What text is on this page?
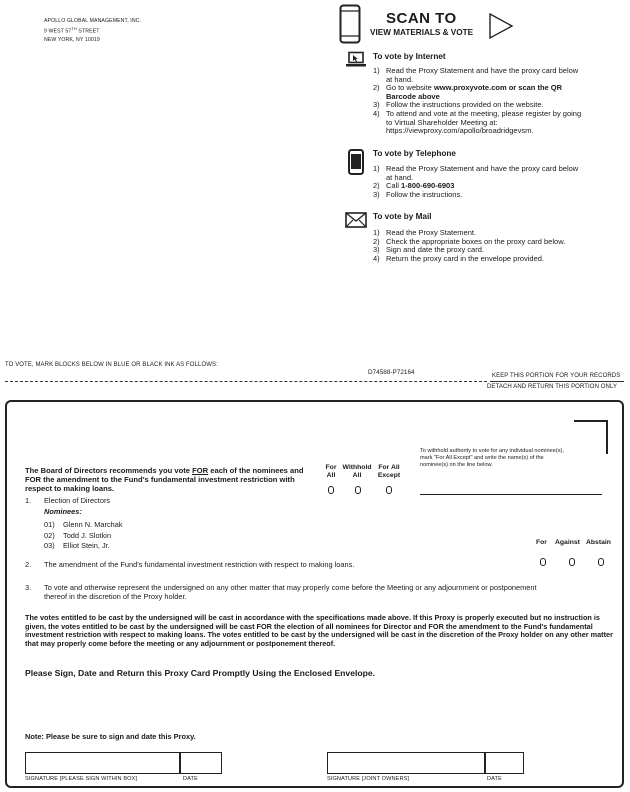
APOLLO GLOBAL MANAGEMENT, INC.
9 WEST 57TH STREET
NEW YORK, NY 10019
SCAN TO
VIEW MATERIALS & VOTE
To vote by Internet
1) Read the Proxy Statement and have the proxy card below at hand.
2) Go to website www.proxyvote.com or scan the QR Barcode above
3) Follow the instructions provided on the website.
4) To attend and vote at the meeting, please register by going to Virtual Shareholder Meeting at: https://viewproxy.com/apollo/broadridgevsm.
To vote by Telephone
1) Read the Proxy Statement and have the proxy card below at hand.
2) Call 1-800-690-6903
3) Follow the instructions.
To vote by Mail
1) Read the Proxy Statement.
2) Check the appropriate boxes on the proxy card below.
3) Sign and date the proxy card.
4) Return the proxy card in the envelope provided.
TO VOTE, MARK BLOCKS BELOW IN BLUE OR BLACK INK AS FOLLOWS:
D74588-P72164	KEEP THIS PORTION FOR YOUR RECORDS
DETACH AND RETURN THIS PORTION ONLY
To withhold authority to vote for any individual nominee(s), mark "For All Except" and write the name(s) of the nominee(s) on the line below.
The Board of Directors recommends you vote FOR each of the nominees and FOR the amendment to the Fund's fundamental investment restriction with respect to making loans.
For
All
Withhold
All
For All
Except
1. Election of Directors
Nominees:
01) Glenn N. Marchak
02) Todd J. Slotkin
03) Elliot Stein, Jr.	For Against Abstain
2. The amendment of the Fund's fundamental investment restriction with respect to making loans.
3. To vote and otherwise represent the undersigned on any other matter that may properly come before the Meeting or any adjournment or postponement thereof in the discretion of the Proxy holder.
The votes entitled to be cast by the undersigned will be cast in accordance with the specifications made above. If this Proxy is properly executed but no instruction is given, the votes entitled to be cast by the undersigned will be cast FOR the election of all nominees for Director and FOR the amendment to the Fund's fundamental investment restriction with respect to making loans. The votes entitled to be cast by the undersigned will be cast in the discretion of the Proxy holder on any other matter that may properly come before the meeting or any adjournment or postponement thereof.
Please Sign, Date and Return this Proxy Card Promptly Using the Enclosed Envelope.
Note: Please be sure to sign and date this Proxy.
SIGNATURE [PLEASE SIGN WITHIN BOX]	DATE	SIGNATURE [JOINT OWNERS]	DATE
